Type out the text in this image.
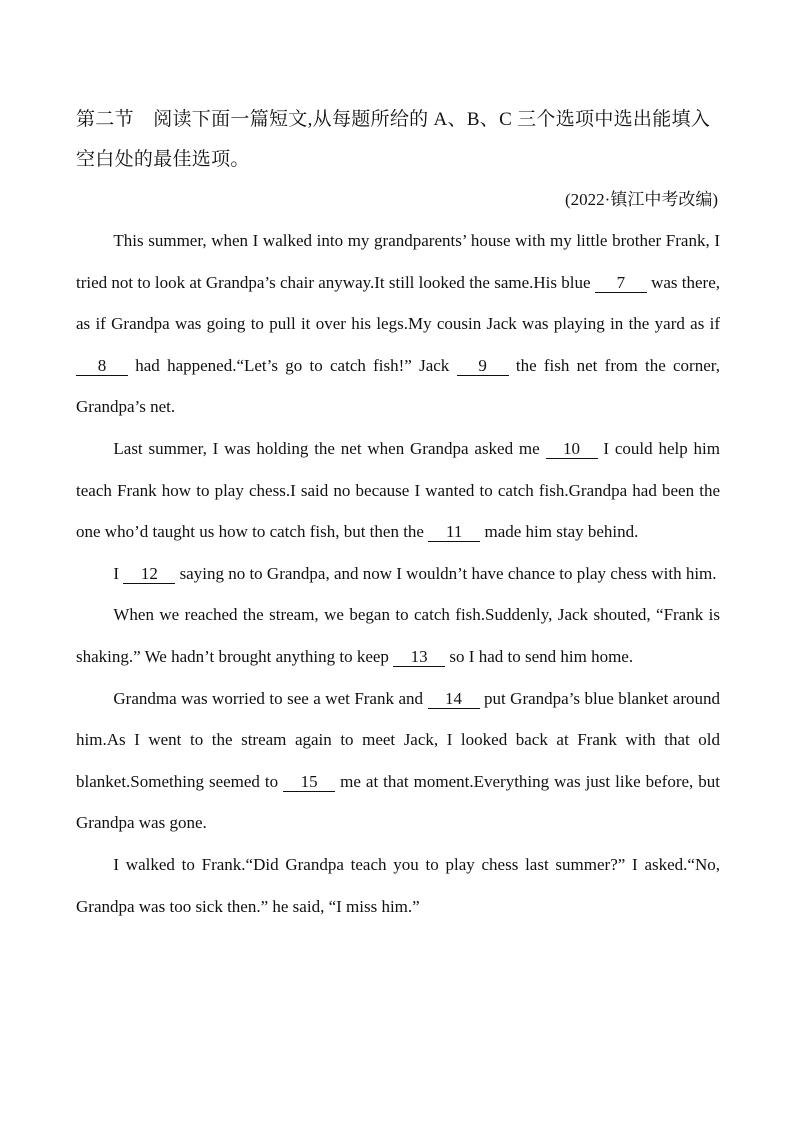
第二节　阅读下面一篇短文,从每题所给的 A、B、C 三个选项中选出能填入空白处的最佳选项。
(2022·镇江中考改编)

This summer, when I walked into my grandparents’ house with my little brother Frank, I tried not to look at Grandpa’s chair anyway.It still looked the same.His blue 7 was there, as if Grandpa was going to pull it over his legs.My cousin Jack was playing in the yard as if 8 had happened.“Let’s go to catch fish!” Jack 9 the fish net from the corner, Grandpa’s net.

Last summer, I was holding the net when Grandpa asked me 10 I could help him teach Frank how to play chess.I said no because I wanted to catch fish.Grandpa had been the one who’d taught us how to catch fish, but then the 11 made him stay behind.

I 12 saying no to Grandpa, and now I wouldn’t have chance to play chess with him.

When we reached the stream, we began to catch fish.Suddenly, Jack shouted, “Frank is shaking.” We hadn’t brought anything to keep 13 so I had to send him home.

Grandma was worried to see a wet Frank and 14 put Grandpa’s blue blanket around him.As I went to the stream again to meet Jack, I looked back at Frank with that old blanket.Something seemed to 15 me at that moment.Everything was just like before, but Grandpa was gone.

I walked to Frank.“Did Grandpa teach you to play chess last summer?” I asked.“No, Grandpa was too sick then.” he said, “I miss him.”
